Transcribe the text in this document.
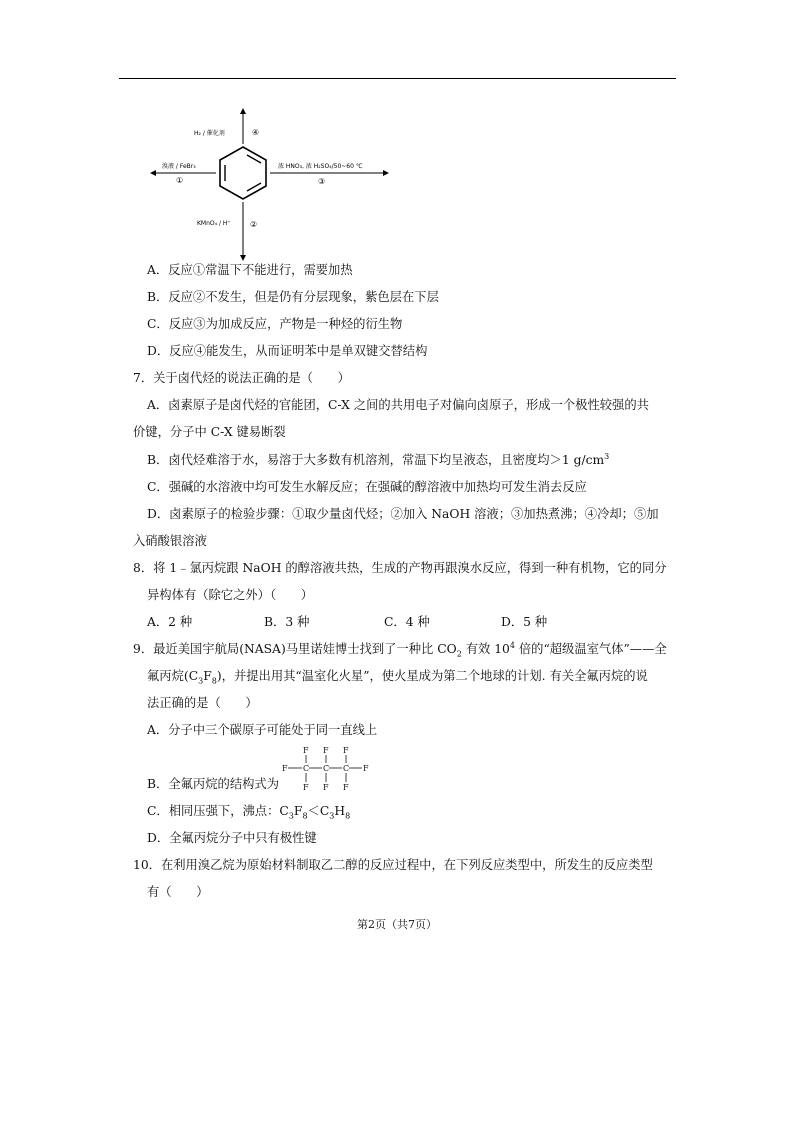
H₂ / 催化剂	④
溴液 / FeBr₃
①
浓 HNO₃, 浓 H₂SO₄/50~60 ℃
③
KMnO₄ / H⁺ ②
A．反应①常温下不能进行，需要加热
B．反应②不发生，但是仍有分层现象，紫色层在下层
C．反应③为加成反应，产物是一种烃的衍生物
D．反应④能发生，从而证明苯中是单双键交替结构
7．关于卤代烃的说法正确的是（　　）
A．卤素原子是卤代烃的官能团，C-X 之间的共用电子对偏向卤原子，形成一个极性较强的共
价键，分子中 C-X 键易断裂
B．卤代烃难溶于水，易溶于大多数有机溶剂，常温下均呈液态，且密度均＞1 $g/cm^3$
C．强碱的水溶液中均可发生水解反应；在强碱的醇溶液中加热均可发生消去反应
D．卤素原子的检验步骤：①取少量卤代烃；②加入 NaOH 溶液；③加热煮沸；④冷却；⑤加
入硝酸银溶液
8．将 1﹣氯丙烷跟 NaOH 的醇溶液共热，生成的产物再跟溴水反应，得到一种有机物，它的同分
异构体有（除它之外）（　　）
A．2 种	B．3 种	C．4 种	D．5 种
9．最近美国宇航局(NASA)马里诺娃博士找到了一种比 $CO_2$ 有效 $10^4$ 倍的“超级温室气体”——全
氟丙烷$(C_3F_8)$，并提出用其“温室化火星”，使火星成为第二个地球的计划. 有关全氟丙烷的说
法正确的是（　　）
A．分子中三个碳原子可能处于同一直线上
F F F
F C C C F
F F F
B．全氟丙烷的结构式为
C．相同压强下，沸点：$C_3F_8<C_3H_8$
D．全氟丙烷分子中只有极性键
10．在利用溴乙烷为原始材料制取乙二醇的反应过程中，在下列反应类型中，所发生的反应类型
有（　　）
第2页（共7页）
